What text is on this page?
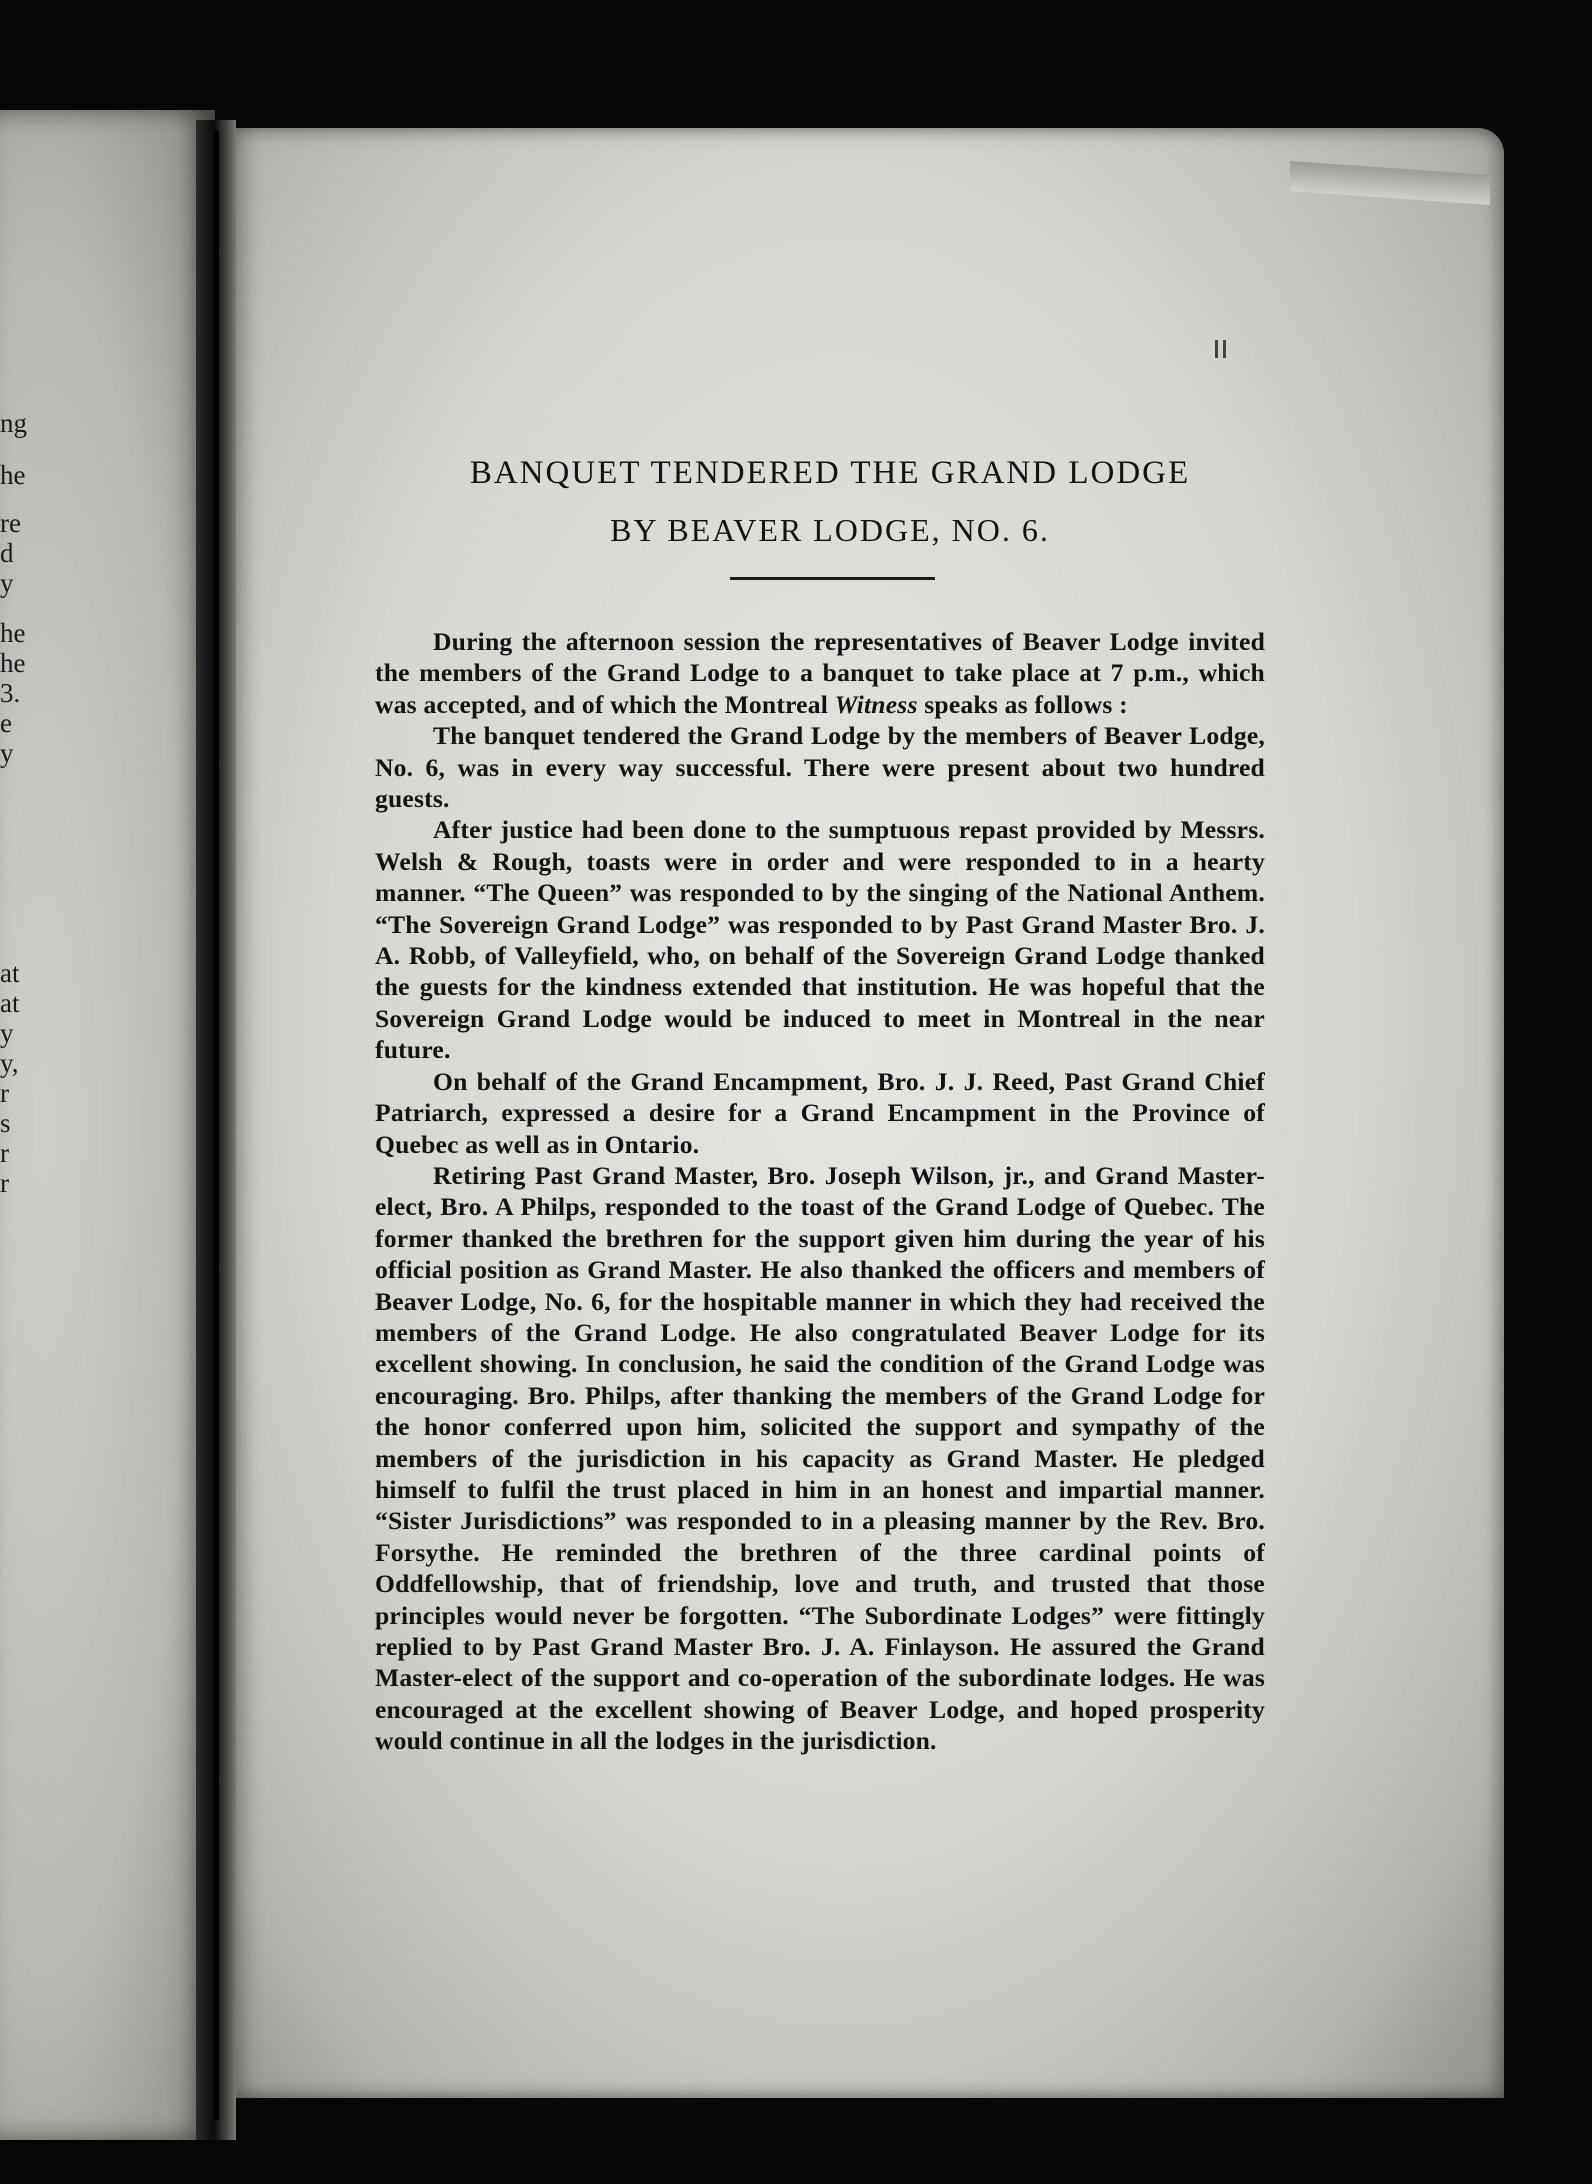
ng
he
re
d
y
he
he
3.
e
y
at
at
y
y,
r
s
r
r
BANQUET TENDERED THE GRAND LODGE
BY BEAVER LODGE, NO. 6.

During the afternoon session the representatives of Beaver Lodge invited the members of the Grand Lodge to a banquet to take place at 7 p.m., which was accepted, and of which the Montreal Witness speaks as follows :

The banquet tendered the Grand Lodge by the members of Beaver Lodge, No. 6, was in every way successful. There were present about two hundred guests.

After justice had been done to the sumptuous repast provided by Messrs. Welsh & Rough, toasts were in order and were responded to in a hearty manner. “The Queen” was responded to by the singing of the National Anthem. “The Sovereign Grand Lodge” was responded to by Past Grand Master Bro. J. A. Robb, of Valleyfield, who, on behalf of the Sovereign Grand Lodge thanked the guests for the kindness extended that institution. He was hopeful that the Sovereign Grand Lodge would be induced to meet in Montreal in the near future.

On behalf of the Grand Encampment, Bro. J. J. Reed, Past Grand Chief Patriarch, expressed a desire for a Grand Encampment in the Province of Quebec as well as in Ontario.

Retiring Past Grand Master, Bro. Joseph Wilson, jr., and Grand Master-elect, Bro. A Philps, responded to the toast of the Grand Lodge of Quebec. The former thanked the brethren for the support given him during the year of his official position as Grand Master. He also thanked the officers and members of Beaver Lodge, No. 6, for the hospitable manner in which they had received the members of the Grand Lodge. He also congratulated Beaver Lodge for its excellent showing. In conclusion, he said the condition of the Grand Lodge was encouraging. Bro. Philps, after thanking the members of the Grand Lodge for the honor conferred upon him, solicited the support and sympathy of the members of the jurisdiction in his capacity as Grand Master. He pledged himself to fulfil the trust placed in him in an honest and impartial manner. “Sister Jurisdictions” was responded to in a pleasing manner by the Rev. Bro. Forsythe. He reminded the brethren of the three cardinal points of Oddfellowship, that of friendship, love and truth, and trusted that those principles would never be forgotten. “The Subordinate Lodges” were fittingly replied to by Past Grand Master Bro. J. A. Finlayson. He assured the Grand Master-elect of the support and co-operation of the subordinate lodges. He was encouraged at the excellent showing of Beaver Lodge, and hoped prosperity would continue in all the lodges in the jurisdiction.
